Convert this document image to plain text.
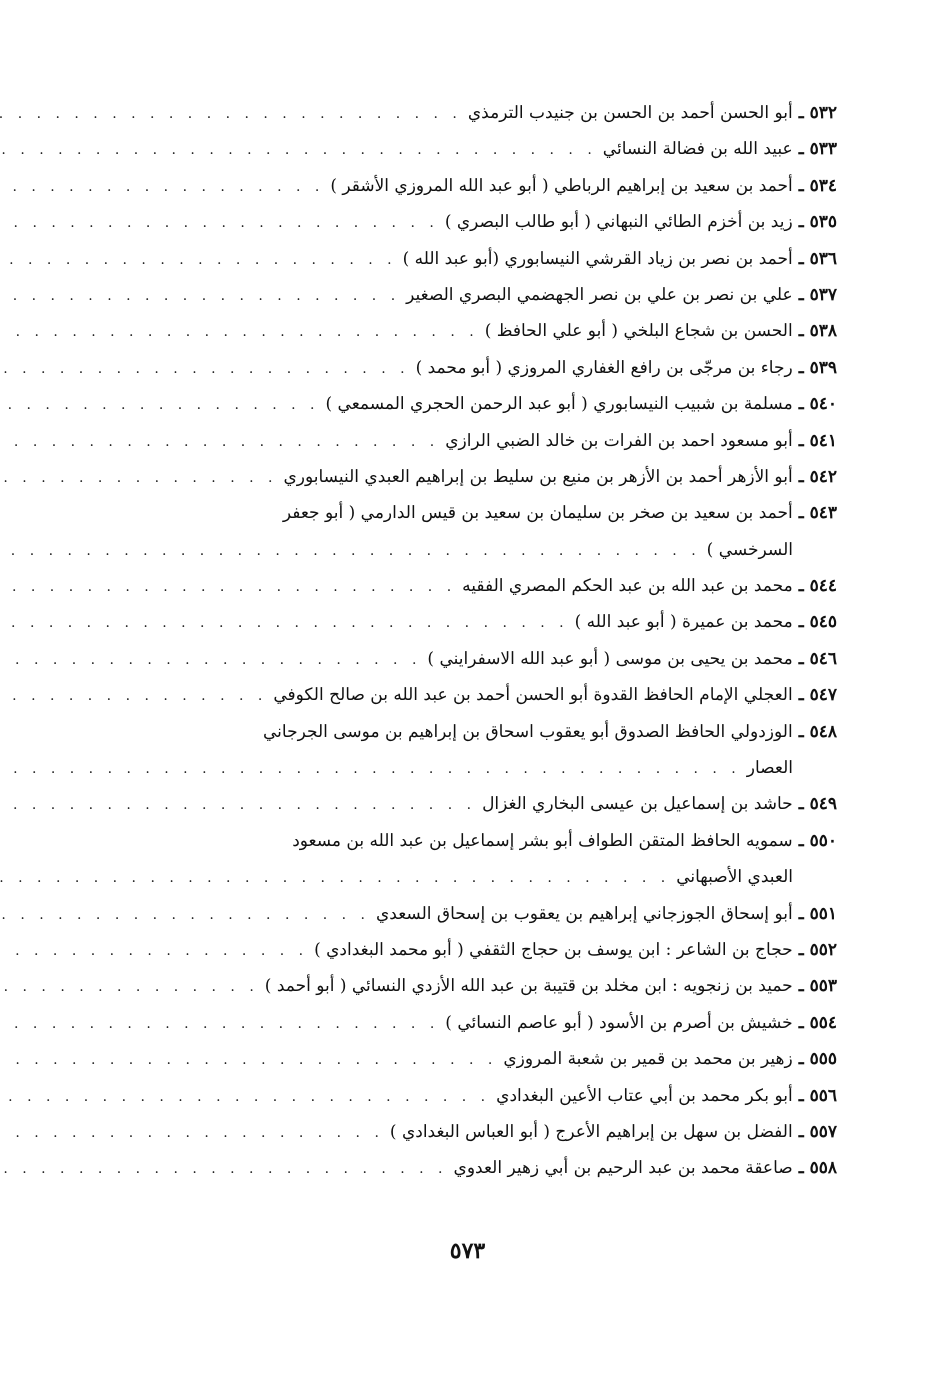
٥٣٢ ـ
أبو الحسن أحمد بن الحسن بن جنيدب الترمذي
. . .
٥٣٣ ـ
عبيد الله بن فضالة النسائي
. . .
٥٣٤ ـ
أحمد بن سعيد بن إبراهيم الرباطي ( أبو عبد الله المروزي الأشقر )
. . .
٥٣٥ ـ
زيد بن أخزم الطائي النبهاني ( أبو طالب البصري )
. . .
٥٣٦ ـ
أحمد بن نصر بن زياد القرشي النيسابوري (أبو عبد الله )
. . .
٥٣٧ ـ
علي بن نصر بن علي بن نصر الجهضمي البصري الصغير
. . .
٥٣٨ ـ
الحسن بن شجاع البلخي ( أبو علي الحافظ )
. . .
٥٣٩ ـ
رجاء بن مرجّى بن رافع الغفاري المروزي ( أبو محمد )
. . .
٥٤٠ ـ
مسلمة بن شبيب النيسابوري ( أبو عبد الرحمن الحجري المسمعي )
. . .
٥٤١ ـ
أبو مسعود احمد بن الفرات بن خالد الضبي الرازي
. . .
٥٤٢ ـ
أبو الأزهر أحمد بن الأزهر بن منيع بن سليط بن إبراهيم العبدي النيسابوري
. . .
٥٤٣ ـ
أحمد بن سعيد بن صخر بن سليمان بن سعيد بن قيس الدارمي ( أبو جعفر
السرخسي )
. . .
٥٤٤ ـ
محمد بن عبد الله بن عبد الحكم المصري الفقيه
. . .
٥٤٥ ـ
محمد بن عميرة ( أبو عبد الله )
. . .
٥٤٦ ـ
محمد بن يحيى بن موسى ( أبو عبد الله الاسفرايني )
. . .
٥٤٧ ـ
العجلي الإمام الحافظ القدوة أبو الحسن أحمد بن عبد الله بن صالح الكوفي
. . .
٥٤٨ ـ
الوزدولي الحافظ الصدوق أبو يعقوب اسحاق بن إبراهيم بن موسى الجرجاني
العصار
. . .
٥٤٩ ـ
حاشد بن إسماعيل بن عيسى البخاري الغزال
. . .
٥٥٠ ـ
سمويه الحافظ المتقن الطواف أبو بشر إسماعيل بن عبد الله بن مسعود
العبدي الأصبهاني
. . .
٥٥١ ـ
أبو إسحاق الجوزجاني إبراهيم بن يعقوب بن إسحاق السعدي
. . .
٥٥٢ ـ
حجاج بن الشاعر : ابن يوسف بن حجاج الثقفي ( أبو محمد البغدادي )
. . .
٥٥٣ ـ
حميد بن زنجويه : ابن مخلد بن قتيبة بن عبد الله الأزدي النسائي ( أبو أحمد )
. . .
٥٥٤ ـ
خشيش بن أصرم بن الأسود ( أبو عاصم النسائي )
. . .
٥٥٥ ـ
زهير بن محمد بن قمير بن شعبة المروزي
. . .
٥٥٦ ـ
أبو بكر محمد بن أبي عتاب الأعين البغدادي
. . .
٥٥٧ ـ
الفضل بن سهل بن إبراهيم الأعرج ( أبو العباس البغدادي )
. . .
٥٥٨ ـ
صاعقة محمد بن عبد الرحيم بن أبي زهير العدوي
. . .
٥٧٣
